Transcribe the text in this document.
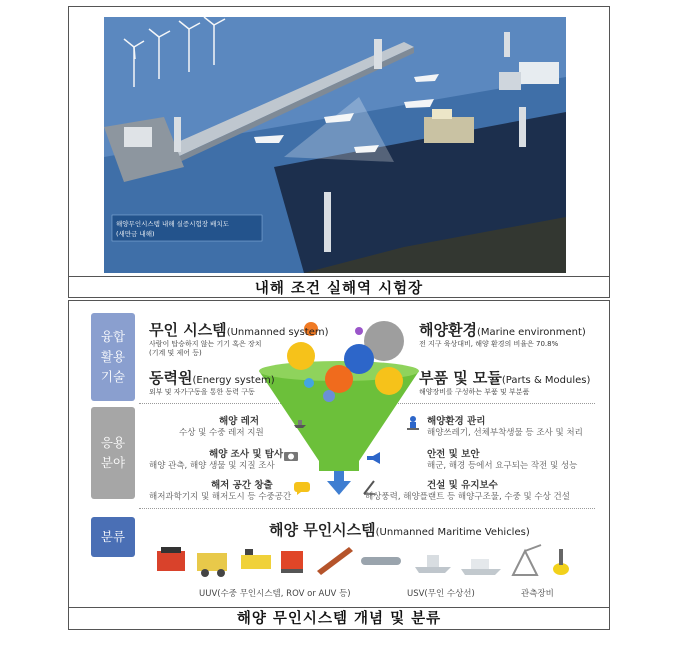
해양무인시스템 내해 실증시험장 배치도
(새만금 내해)
내해 조건 실해역 시험장
융합
활용
기술
응용
분야
분류
무인 시스템(Unmanned system)
사람이 탑승하지 않는 기기 혹은 장치
(기계 및 제어 등)
해양환경(Marine environment)
전 지구 육상대비, 해양 환경의 비율은 70.8%
동력원(Energy system)
외부 및 자가구동을 통한 동력 구동
부품 및 모듈(Parts & Modules)
해양장비를 구성하는 부품 및 부분품
해양 레저
수상 및 수중 레저 지원
해양 조사 및 탐사
해양 관측, 해양 생물 및 지질 조사
해저 공간 창출
해저과학기지 및 해저도시 등 수중공간
해양환경 관리
해양쓰레기, 선체부착생물 등 조사 및 처리
안전 및 보안
해군, 해경 등에서 요구되는 작전 및 성능
건설 및 유지보수
해상풍력, 해양플랜트 등 해양구조물, 수중 및 수상 건설
해양 무인시스템(Unmanned Maritime Vehicles)
UUV(수중 무인시스템, ROV or AUV 등)	USV(무인 수상선)	관측장비
해양 무인시스템 개념 및 분류
